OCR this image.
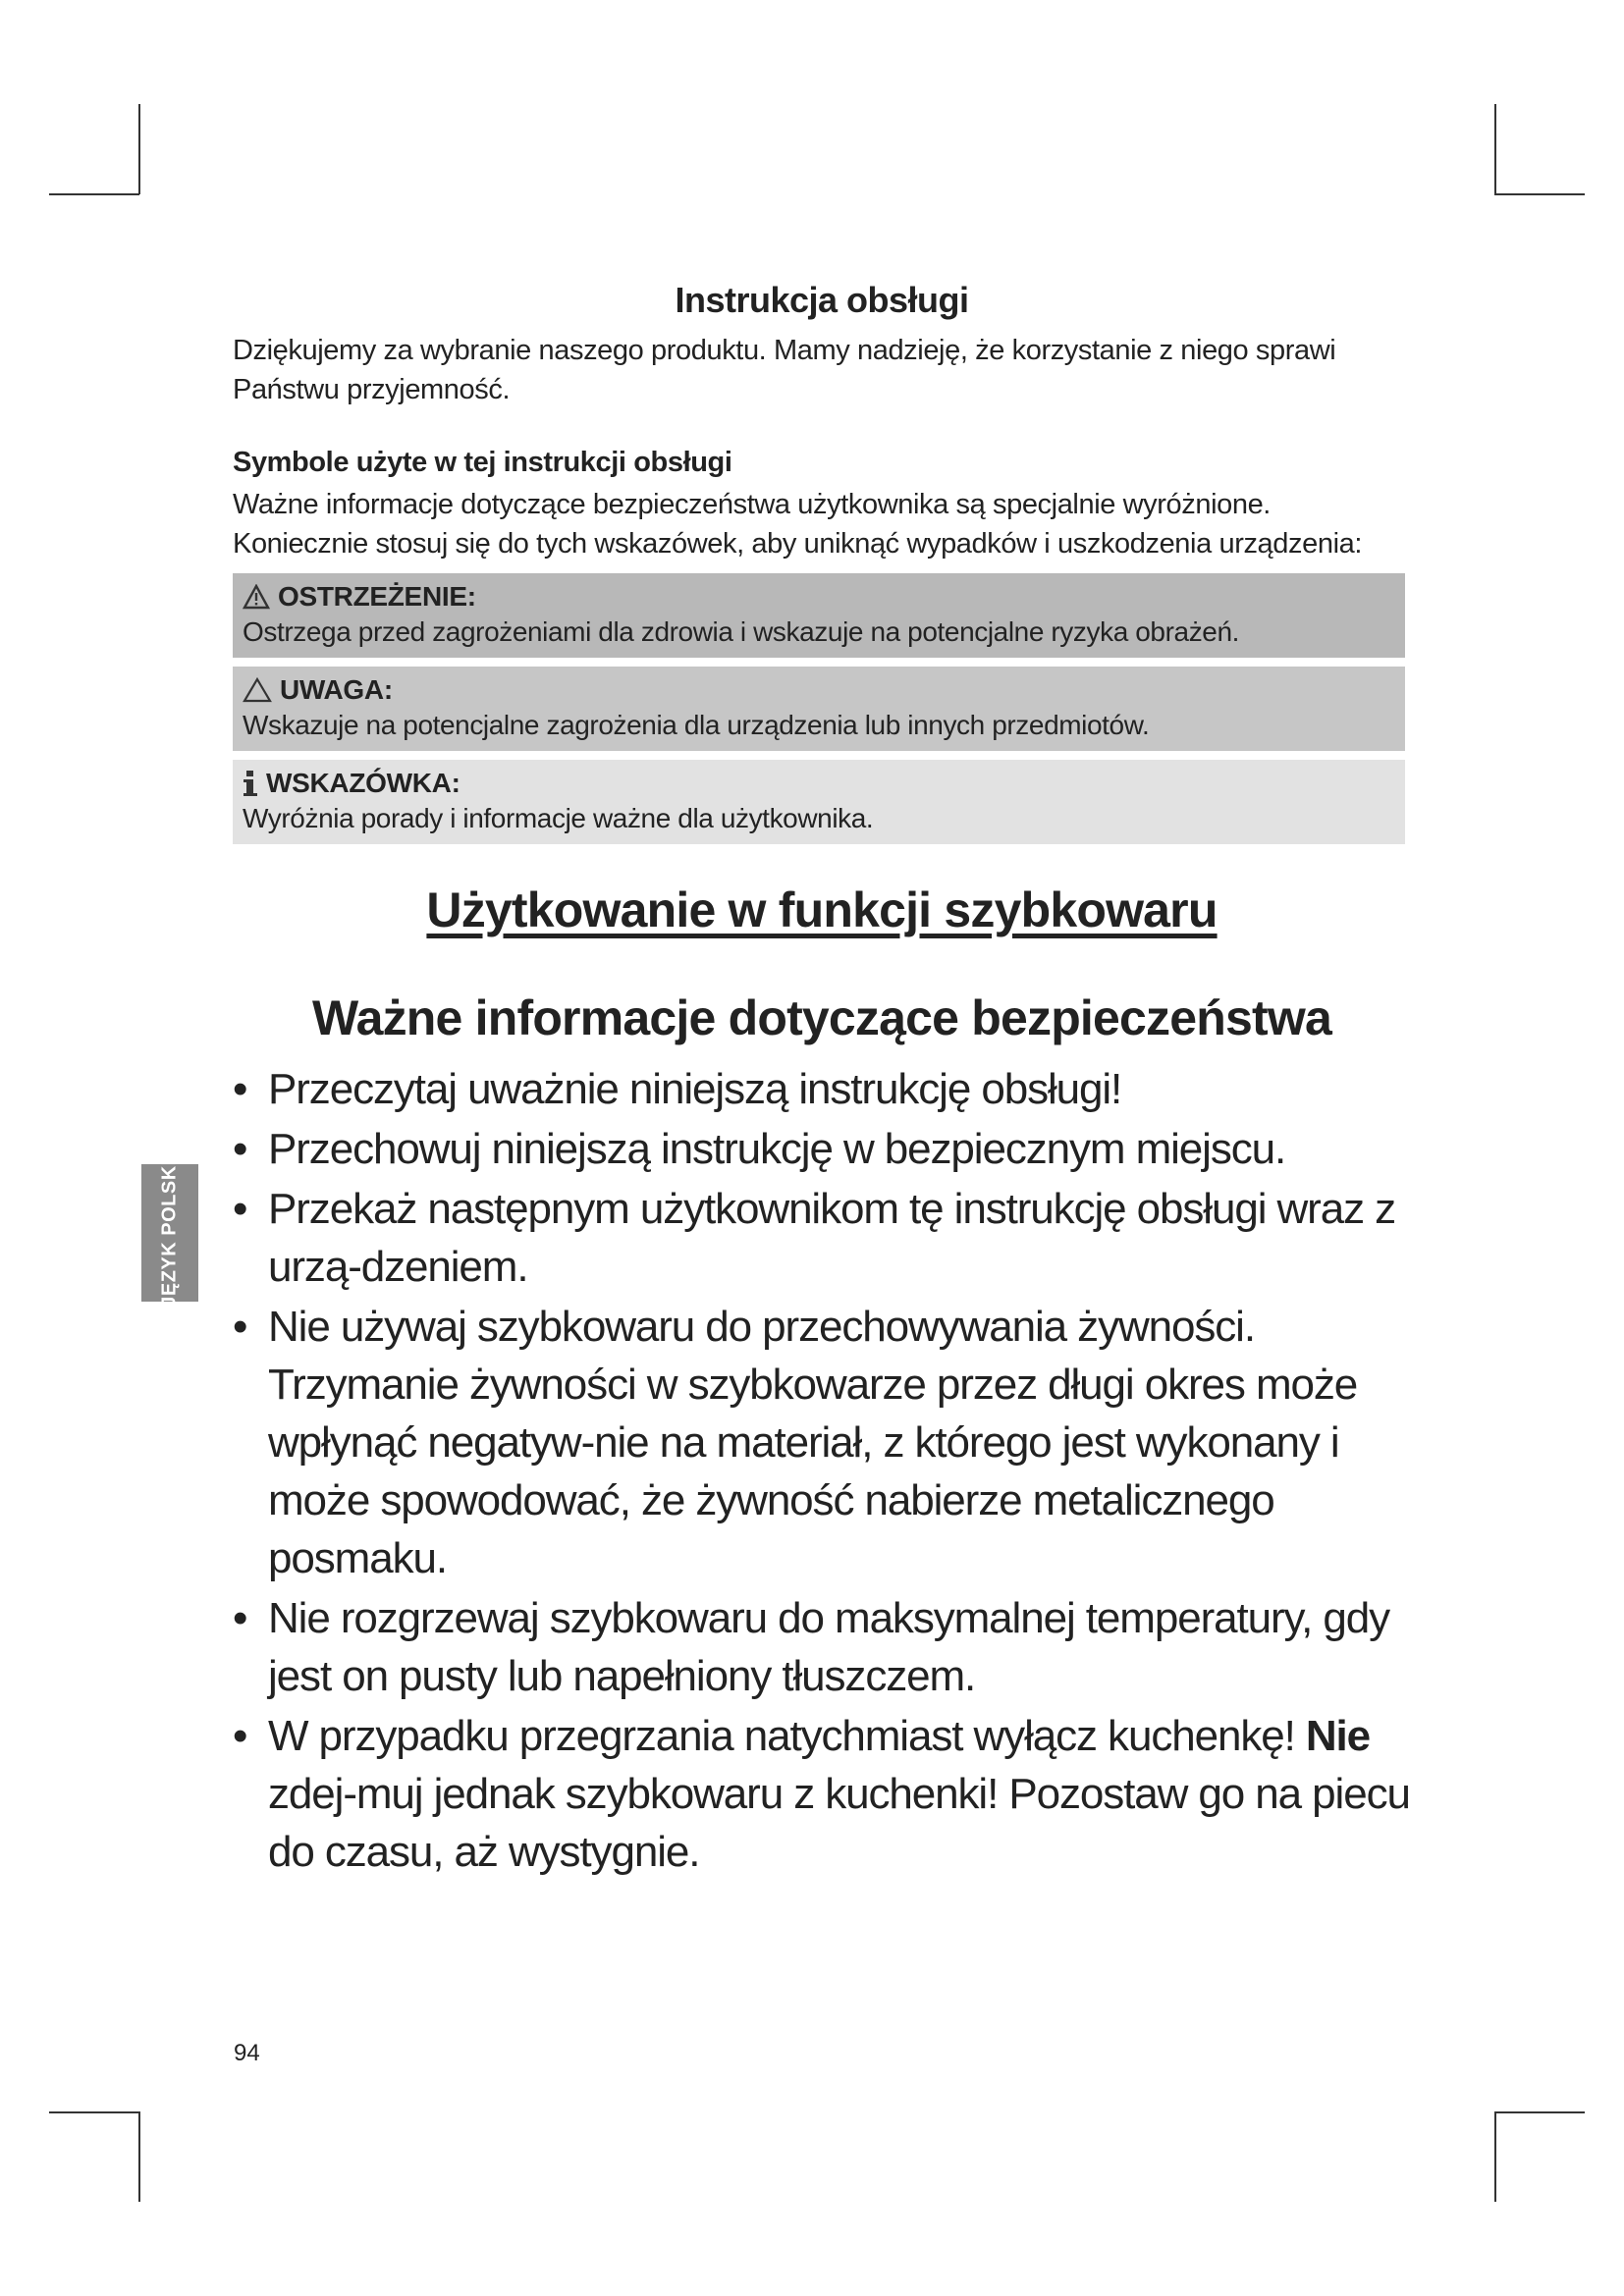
JĘZYK POLSKI
Instrukcja obsługi

Dziękujemy za wybranie naszego produktu. Mamy nadzieję, że korzystanie z niego sprawi Państwu przyjemność.

Symbole użyte w tej instrukcji obsługi

Ważne informacje dotyczące bezpieczeństwa użytkownika są specjalnie wyróżnione. Koniecznie stosuj się do tych wskazówek, aby uniknąć wypadków i uszkodzenia urządzenia:

OSTRZEŻENIE:
Ostrzega przed zagrożeniami dla zdrowia i wskazuje na potencjalne ryzyka obrażeń.
UWAGA:
Wskazuje na potencjalne zagrożenia dla urządzenia lub innych przedmiotów.
WSKAZÓWKA:
Wyróżnia porady i informacje ważne dla użytkownika.
Użytkowanie w funkcji szybkowaru
Ważne informacje dotyczące bezpieczeństwa
• Przeczytaj uważnie niniejszą instrukcję obsługi!
• Przechowuj niniejszą instrukcję w bezpiecznym miejscu.
• Przekaż następnym użytkownikom tę instrukcję obsługi wraz z urzą-dzeniem.
• Nie używaj szybkowaru do przechowywania żywności. Trzymanie żywności w szybkowarze przez długi okres może wpłynąć negatyw-nie na materiał, z którego jest wykonany i może spowodować, że żywność nabierze metalicznego posmaku.
• Nie rozgrzewaj szybkowaru do maksymalnej temperatury, gdy jest on pusty lub napełniony tłuszczem.
• W przypadku przegrzania natychmiast wyłącz kuchenkę! Nie zdej-muj jednak szybkowaru z kuchenki! Pozostaw go na piecu do czasu, aż wystygnie.
94
